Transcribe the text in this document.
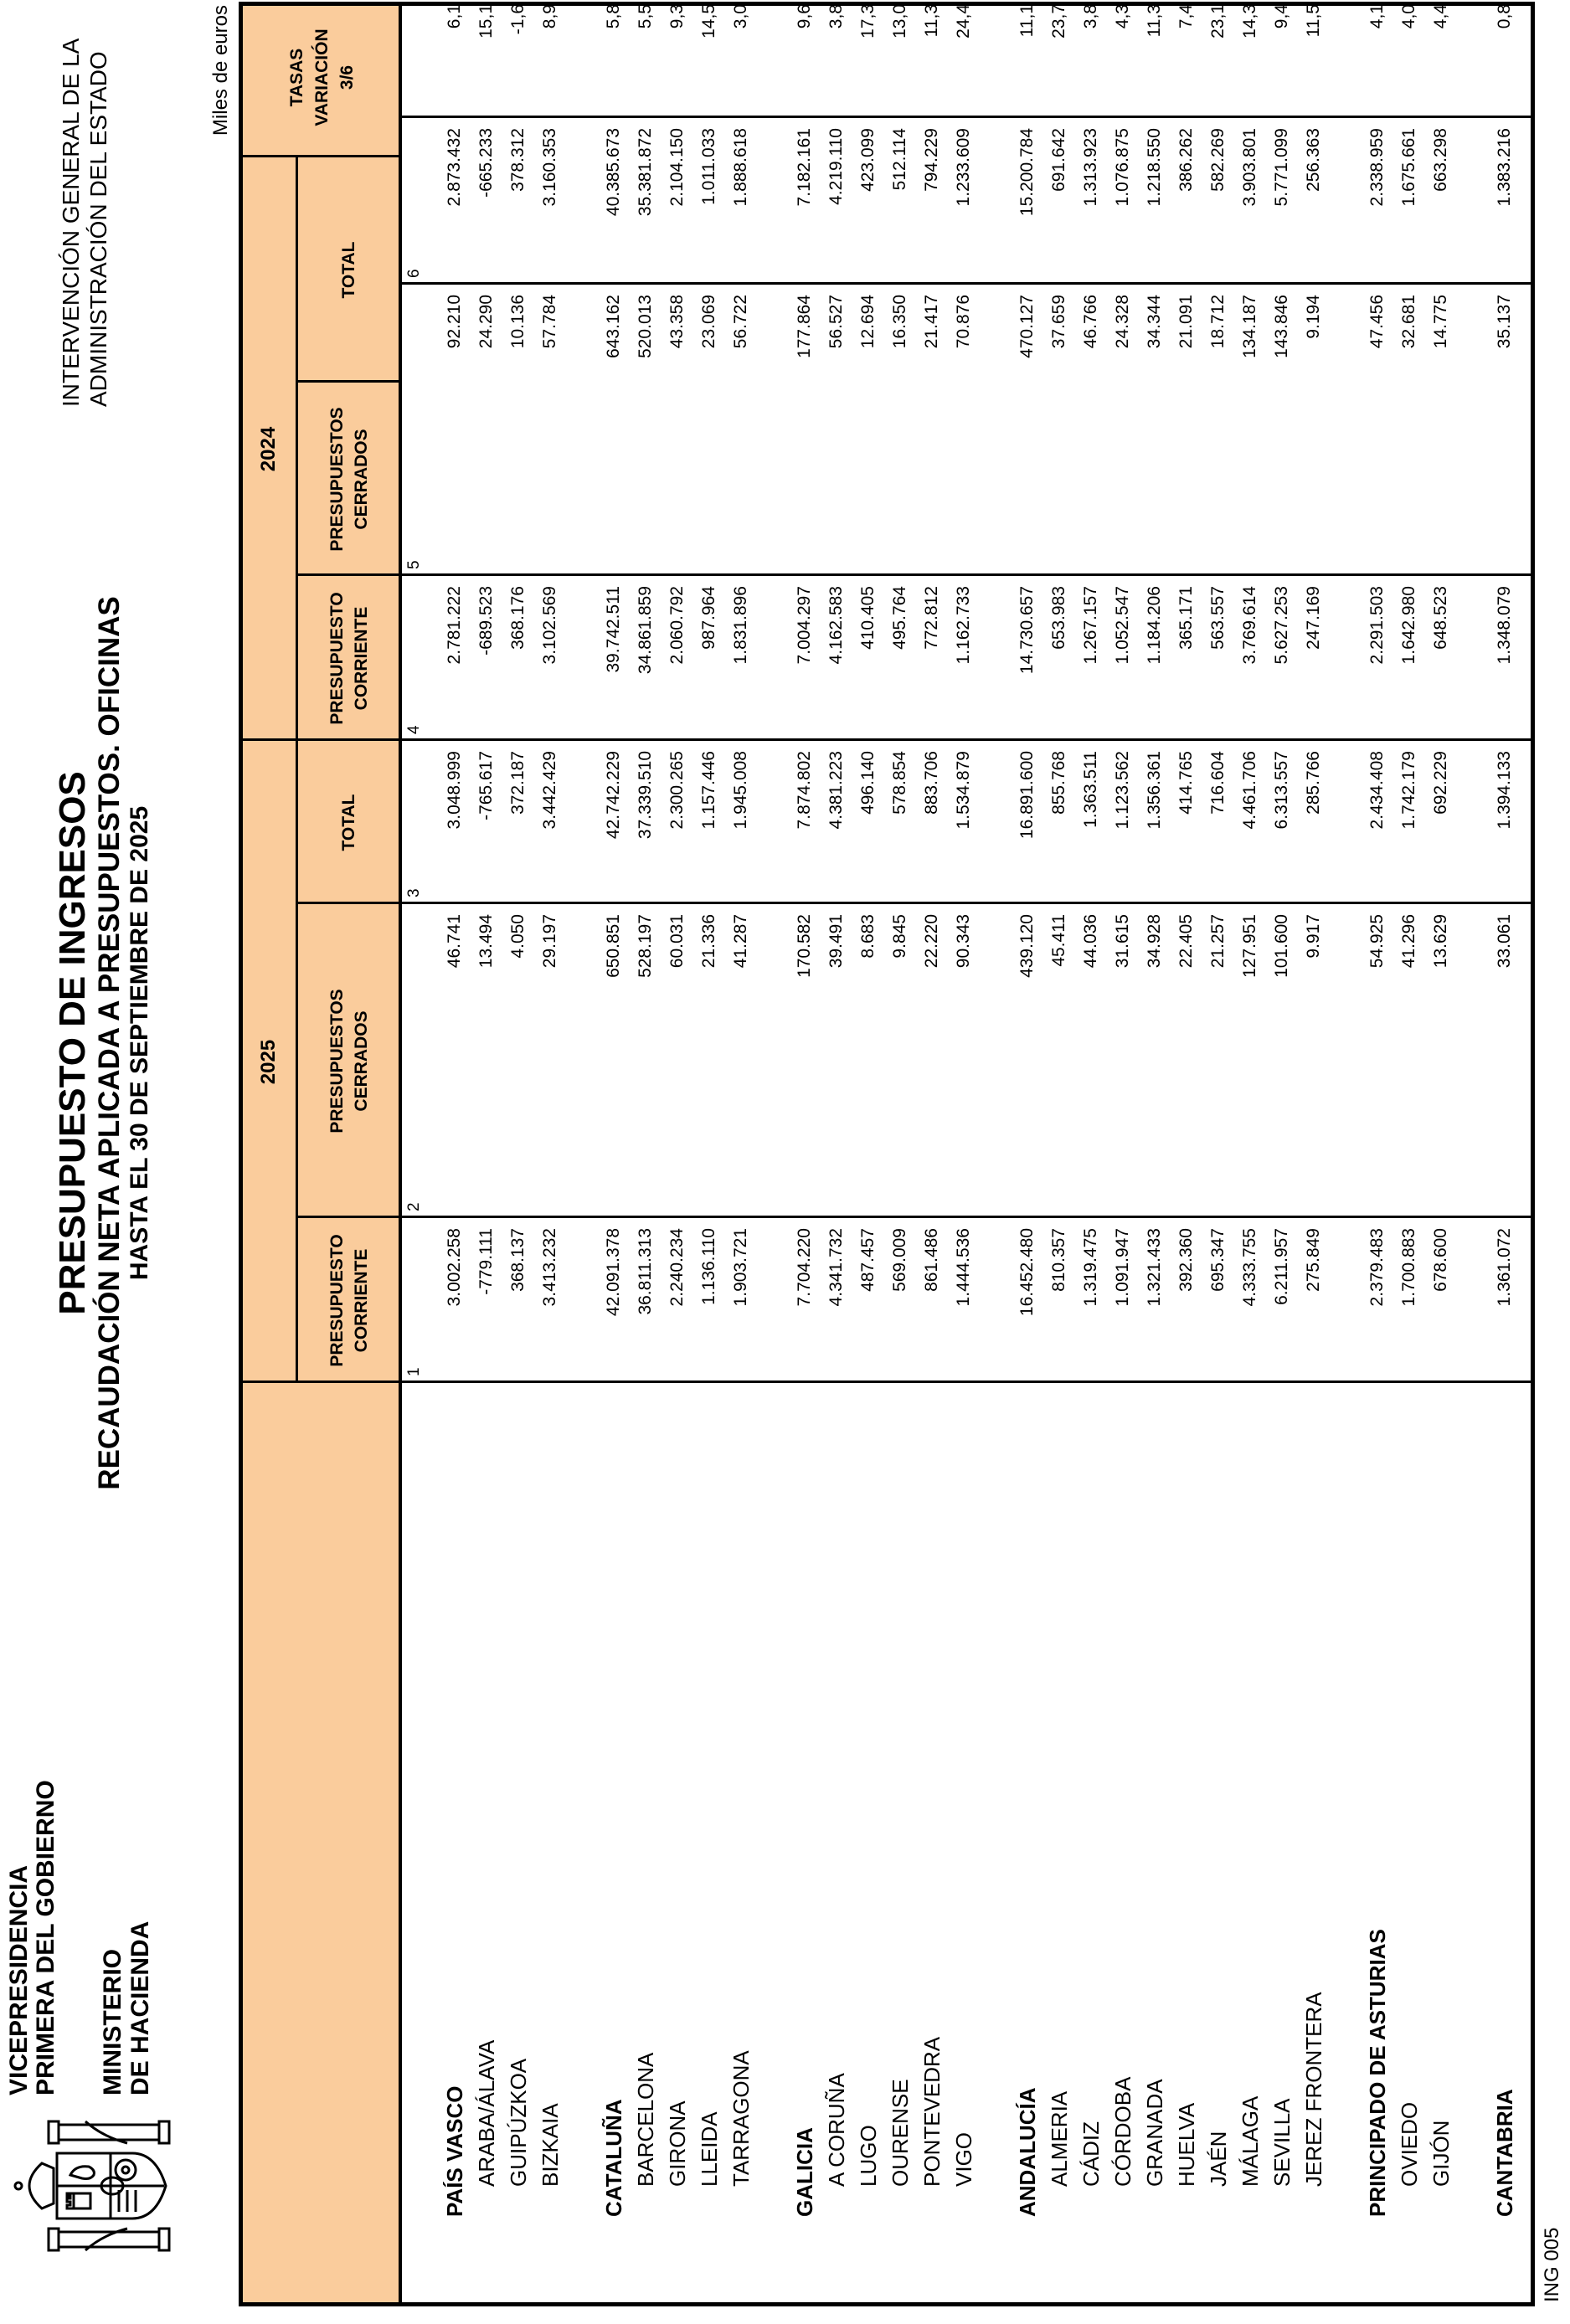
VICEPRESIDENCIA PRIMERA DEL GOBIERNO MINISTERIO DE HACIENDA
PRESUPUESTO DE INGRESOS RECAUDACIÓN NETA APLICADA A PRESUPUESTOS. OFICINAS HASTA EL 30 DE SEPTIEMBRE DE 2025
INTERVENCIÓN GENERAL DE LA ADMINISTRACIÓN DEL ESTADO	Miles de euros
2025
2024
PRESUPUESTO CORRIENTE
PRESUPUESTOS CERRADOS
TOTAL
PRESUPUESTO CORRIENTE
PRESUPUESTOS CERRADOS
TOTAL
TASAS VARIACIÓN 3/6
1
2
3
4
5
6
PAÍS VASCO
3.002.258
46.741
3.048.999
2.781.222
92.210
2.873.432
6,1
ARABA/ÁLAVA
-779.111
13.494
-765.617
-689.523
24.290
-665.233
15,1
GUIPÚZKOA
368.137
4.050
372.187
368.176
10.136
378.312
-1,6
BIZKAIA
3.413.232
29.197
3.442.429
3.102.569
57.784
3.160.353
8,9
CATALUÑA
42.091.378
650.851
42.742.229
39.742.511
643.162
40.385.673
5,8
BARCELONA
36.811.313
528.197
37.339.510
34.861.859
520.013
35.381.872
5,5
GIRONA
2.240.234
60.031
2.300.265
2.060.792
43.358
2.104.150
9,3
LLEIDA
1.136.110
21.336
1.157.446
987.964
23.069
1.011.033
14,5
TARRAGONA
1.903.721
41.287
1.945.008
1.831.896
56.722
1.888.618
3,0
GALICIA
7.704.220
170.582
7.874.802
7.004.297
177.864
7.182.161
9,6
A CORUÑA
4.341.732
39.491
4.381.223
4.162.583
56.527
4.219.110
3,8
LUGO
487.457
8.683
496.140
410.405
12.694
423.099
17,3
OURENSE
569.009
9.845
578.854
495.764
16.350
512.114
13,0
PONTEVEDRA
861.486
22.220
883.706
772.812
21.417
794.229
11,3
VIGO
1.444.536
90.343
1.534.879
1.162.733
70.876
1.233.609
24,4
ANDALUCÍA
16.452.480
439.120
16.891.600
14.730.657
470.127
15.200.784
11,1
ALMERIA
810.357
45.411
855.768
653.983
37.659
691.642
23,7
CÁDIZ
1.319.475
44.036
1.363.511
1.267.157
46.766
1.313.923
3,8
CÓRDOBA
1.091.947
31.615
1.123.562
1.052.547
24.328
1.076.875
4,3
GRANADA
1.321.433
34.928
1.356.361
1.184.206
34.344
1.218.550
11,3
HUELVA
392.360
22.405
414.765
365.171
21.091
386.262
7,4
JAÉN
695.347
21.257
716.604
563.557
18.712
582.269
23,1
MÁLAGA
4.333.755
127.951
4.461.706
3.769.614
134.187
3.903.801
14,3
SEVILLA
6.211.957
101.600
6.313.557
5.627.253
143.846
5.771.099
9,4
JEREZ FRONTERA
275.849
9.917
285.766
247.169
9.194
256.363
11,5
PRINCIPADO DE ASTURIAS
2.379.483
54.925
2.434.408
2.291.503
47.456
2.338.959
4,1
OVIEDO
1.700.883
41.296
1.742.179
1.642.980
32.681
1.675.661
4,0
GIJÓN
678.600
13.629
692.229
648.523
14.775
663.298
4,4
CANTABRIA
1.361.072
33.061
1.394.133
1.348.079
35.137
1.383.216
0,8
ING 005
